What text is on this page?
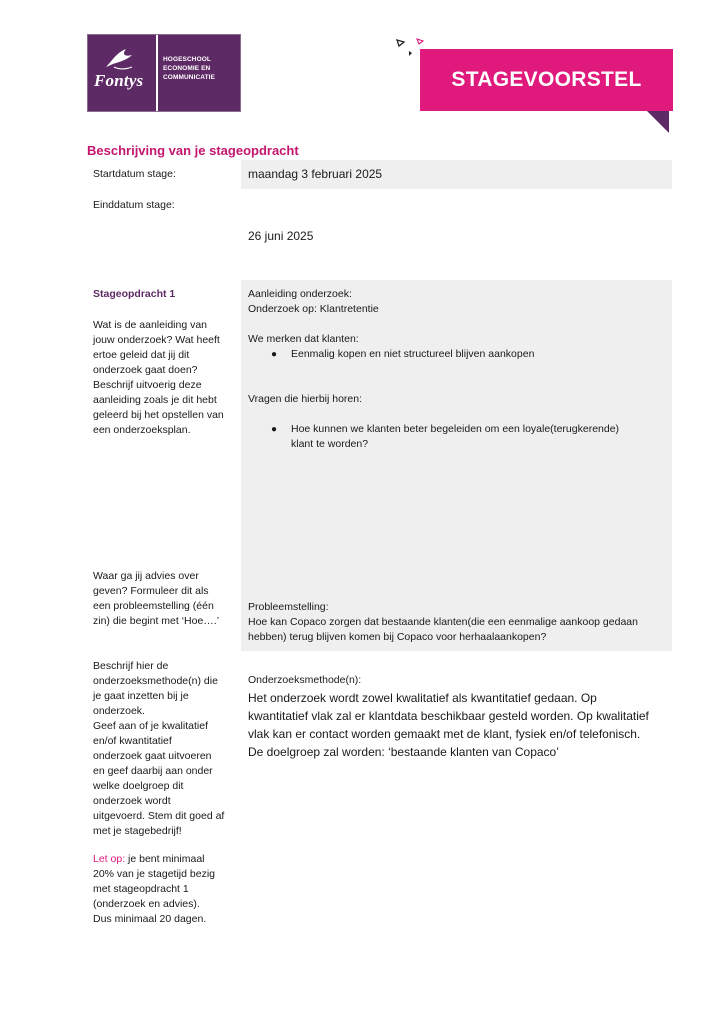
Fontys
HOGESCHOOL
ECONOMIE EN
COMMUNICATIE	STAGEVOORSTEL
Beschrijving van je stageopdracht
Startdatum stage:	maandag 3 februari 2025
Einddatum stage:
26 juni 2025
Stageopdracht 1
Wat is de aanleiding van
jouw onderzoek? Wat heeft
ertoe geleid dat jij dit
onderzoek gaat doen?
Beschrijf uitvoerig deze
aanleiding zoals je dit hebt
geleerd bij het opstellen van
een onderzoeksplan.
Waar ga jij advies over
geven? Formuleer dit als
een probleemstelling (één
zin) die begint met ‘Hoe….’
Beschrijf hier de
onderzoeksmethode(n) die
je gaat inzetten bij je
onderzoek.
Geef aan of je kwalitatief
en/of kwantitatief
onderzoek gaat uitvoeren
en geef daarbij aan onder
welke doelgroep dit
onderzoek wordt
uitgevoerd. Stem dit goed af
met je stagebedrijf!
Let op: je bent minimaal
20% van je stagetijd bezig
met stageopdracht 1
(onderzoek en advies).
Dus minimaal 20 dagen.
Aanleiding onderzoek:
Onderzoek op: Klantretentie
We merken dat klanten:
● Eenmalig kopen en niet structureel blijven aankopen
Vragen die hierbij horen:
● Hoe kunnen we klanten beter begeleiden om een loyale(terugkerende)
klant te worden?
Probleemstelling:
Hoe kan Copaco zorgen dat bestaande klanten(die een eenmalige aankoop gedaan
hebben) terug blijven komen bij Copaco voor herhaalaankopen?
Onderzoeksmethode(n):
Het onderzoek wordt zowel kwalitatief als kwantitatief gedaan. Op
kwantitatief vlak zal er klantdata beschikbaar gesteld worden. Op kwalitatief
vlak kan er contact worden gemaakt met de klant, fysiek en/of telefonisch.
De doelgroep zal worden: ‘bestaande klanten van Copaco’
